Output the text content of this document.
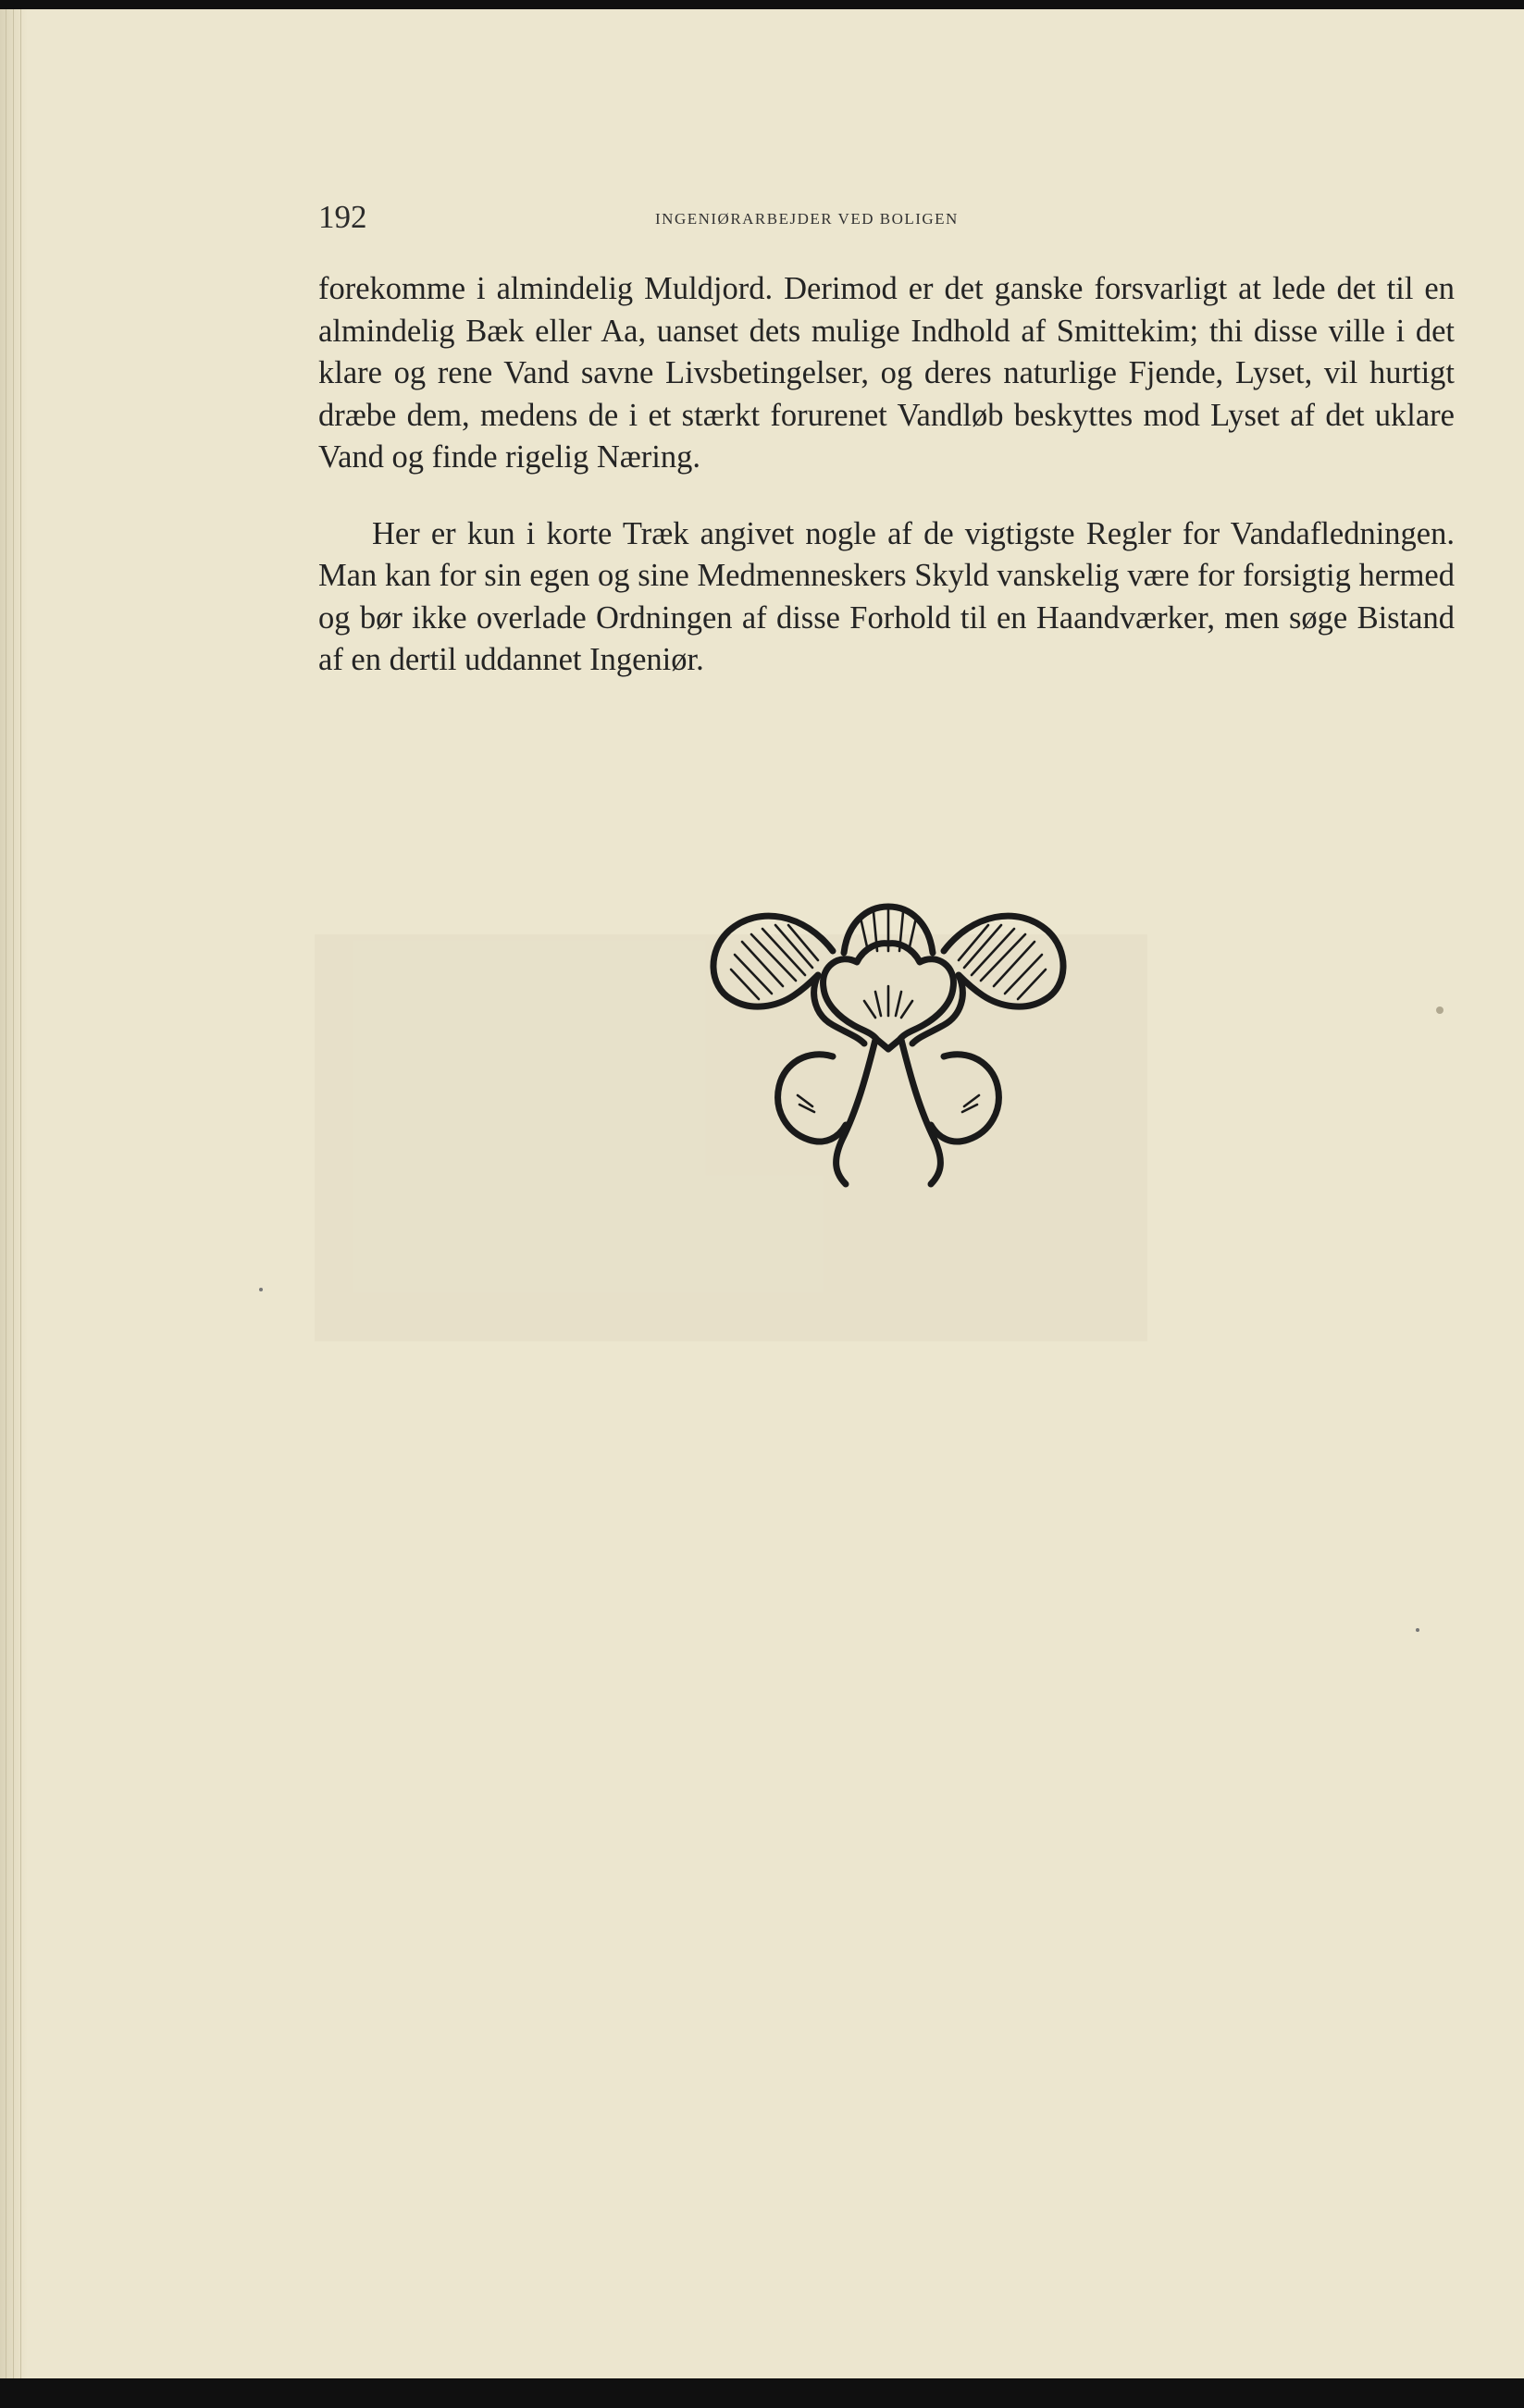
192	INGENIØRARBEJDER VED BOLIGEN

forekomme i almindelig Muldjord. Derimod er det ganske forsvarligt at lede det til en almindelig Bæk eller Aa, uanset dets mulige Indhold af Smittekim; thi disse ville i det klare og rene Vand savne Livsbetingelser, og deres naturlige Fjende, Lyset, vil hurtigt dræbe dem, medens de i et stærkt forurenet Vandløb beskyttes mod Lyset af det uklare Vand og finde rigelig Næring.

Her er kun i korte Træk angivet nogle af de vigtigste Regler for Vandafledningen. Man kan for sin egen og sine Medmenneskers Skyld vanskelig være for forsigtig hermed og bør ikke overlade Ordningen af disse Forhold til en Haandværker, men søge Bistand af en dertil uddannet Ingeniør.
